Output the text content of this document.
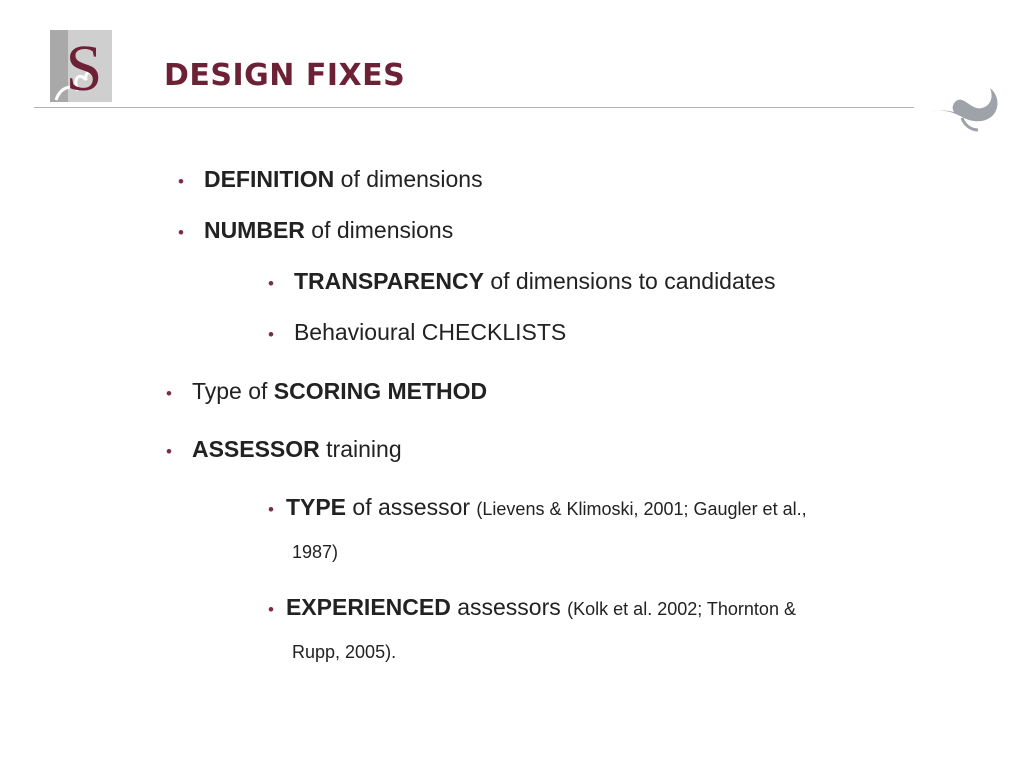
S DESIGN FIXES
• DEFINITION of dimensions
• NUMBER of dimensions
• TRANSPARENCY of dimensions to candidates
• Behavioural CHECKLISTS
• Type of SCORING METHOD
• ASSESSOR training
• TYPE of assessor (Lievens & Klimoski, 2001; Gaugler et al.,
1987)
• EXPERIENCED assessors (Kolk et al. 2002; Thornton &
Rupp, 2005).
